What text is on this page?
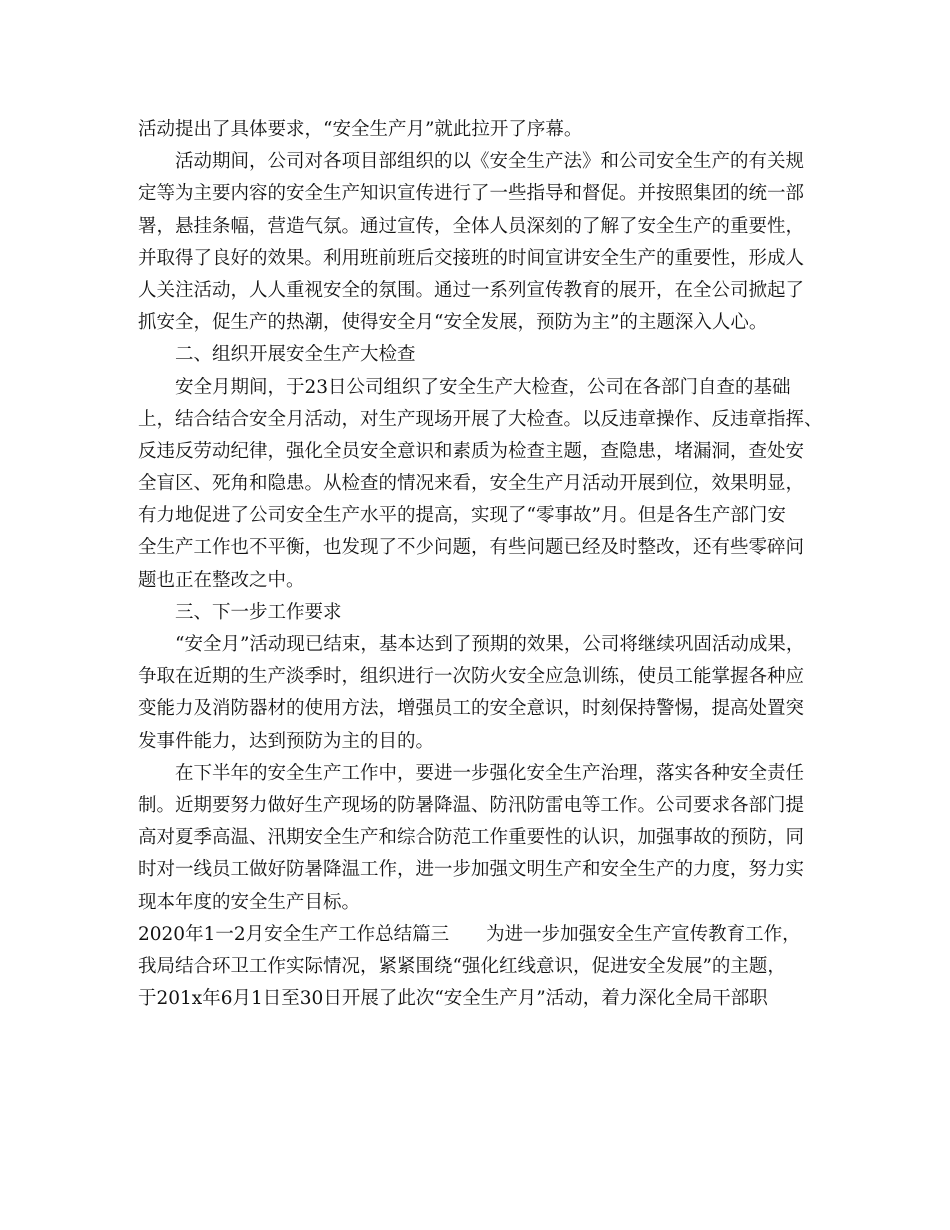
活动提出了具体要求，“安全生产月”就此拉开了序幕。
活动期间，公司对各项目部组织的以《安全生产法》和公司安全生产的有关规
定等为主要内容的安全生产知识宣传进行了一些指导和督促。并按照集团的统一部
署，悬挂条幅，营造气氛。通过宣传，全体人员深刻的了解了安全生产的重要性，
并取得了良好的效果。利用班前班后交接班的时间宣讲安全生产的重要性，形成人
人关注活动，人人重视安全的氛围。通过一系列宣传教育的展开，在全公司掀起了
抓安全，促生产的热潮，使得安全月“安全发展，预防为主”的主题深入人心。
二、组织开展安全生产大检查
安全月期间，于23日公司组织了安全生产大检查，公司在各部门自查的基础
上，结合结合安全月活动，对生产现场开展了大检查。以反违章操作、反违章指挥、
反违反劳动纪律，强化全员安全意识和素质为检查主题，查隐患，堵漏洞，查处安
全盲区、死角和隐患。从检查的情况来看，安全生产月活动开展到位，效果明显，
有力地促进了公司安全生产水平的提高，实现了“零事故”月。但是各生产部门安
全生产工作也不平衡，也发现了不少问题，有些问题已经及时整改，还有些零碎问
题也正在整改之中。
三、下一步工作要求
“安全月”活动现已结束，基本达到了预期的效果，公司将继续巩固活动成果，
争取在近期的生产淡季时，组织进行一次防火安全应急训练，使员工能掌握各种应
变能力及消防器材的使用方法，增强员工的安全意识，时刻保持警惕，提高处置突
发事件能力，达到预防为主的目的。
在下半年的安全生产工作中，要进一步强化安全生产治理，落实各种安全责任
制。近期要努力做好生产现场的防暑降温、防汛防雷电等工作。公司要求各部门提
高对夏季高温、汛期安全生产和综合防范工作重要性的认识，加强事故的预防，同
时对一线员工做好防暑降温工作，进一步加强文明生产和安全生产的力度，努力实
现本年度的安全生产目标。
2020年1一2月安全生产工作总结篇三　　为进一步加强安全生产宣传教育工作，
我局结合环卫工作实际情况，紧紧围绕“强化红线意识，促进安全发展”的主题，
于201x年6月1日至30日开展了此次“安全生产月”活动，着力深化全局干部职
